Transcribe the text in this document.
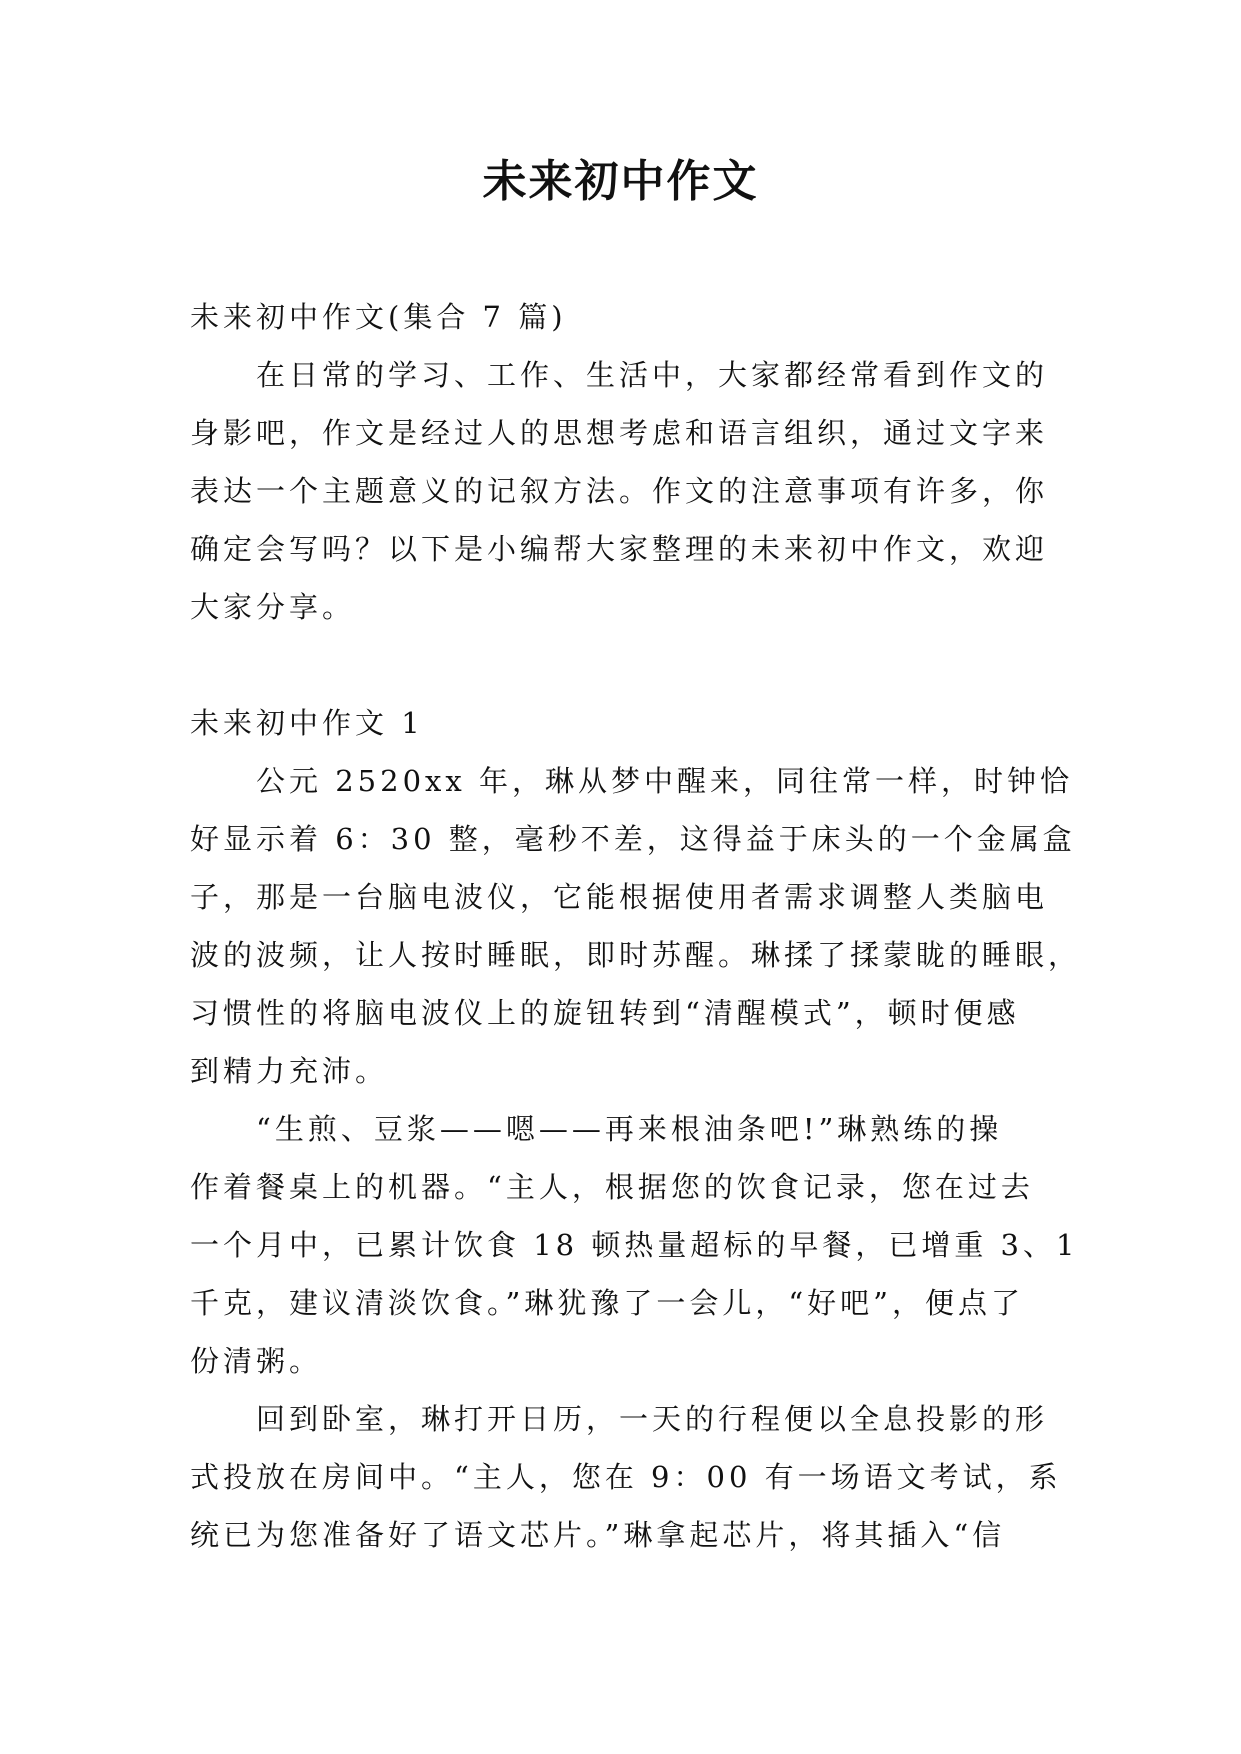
未来初中作文

未来初中作文(集合 7 篇)

在日常的学习、工作、生活中，大家都经常看到作文的

身影吧，作文是经过人的思想考虑和语言组织，通过文字来

表达一个主题意义的记叙方法。作文的注意事项有许多，你

确定会写吗？以下是小编帮大家整理的未来初中作文，欢迎

大家分享。

未来初中作文 1

公元 2520xx 年，琳从梦中醒来，同往常一样，时钟恰

好显示着 6：30 整，毫秒不差，这得益于床头的一个金属盒

子，那是一台脑电波仪，它能根据使用者需求调整人类脑电

波的波频，让人按时睡眠，即时苏醒。琳揉了揉蒙眬的睡眼，

习惯性的将脑电波仪上的旋钮转到“清醒模式”，顿时便感

到精力充沛。

“生煎、豆浆——嗯——再来根油条吧!”琳熟练的操

作着餐桌上的机器。“主人，根据您的饮食记录，您在过去

一个月中，已累计饮食 18 顿热量超标的早餐，已增重 3、1

千克，建议清淡饮食。”琳犹豫了一会儿，“好吧”，便点了

份清粥。

回到卧室，琳打开日历，一天的行程便以全息投影的形

式投放在房间中。“主人，您在 9：00 有一场语文考试，系

统已为您准备好了语文芯片。”琳拿起芯片，将其插入“信
